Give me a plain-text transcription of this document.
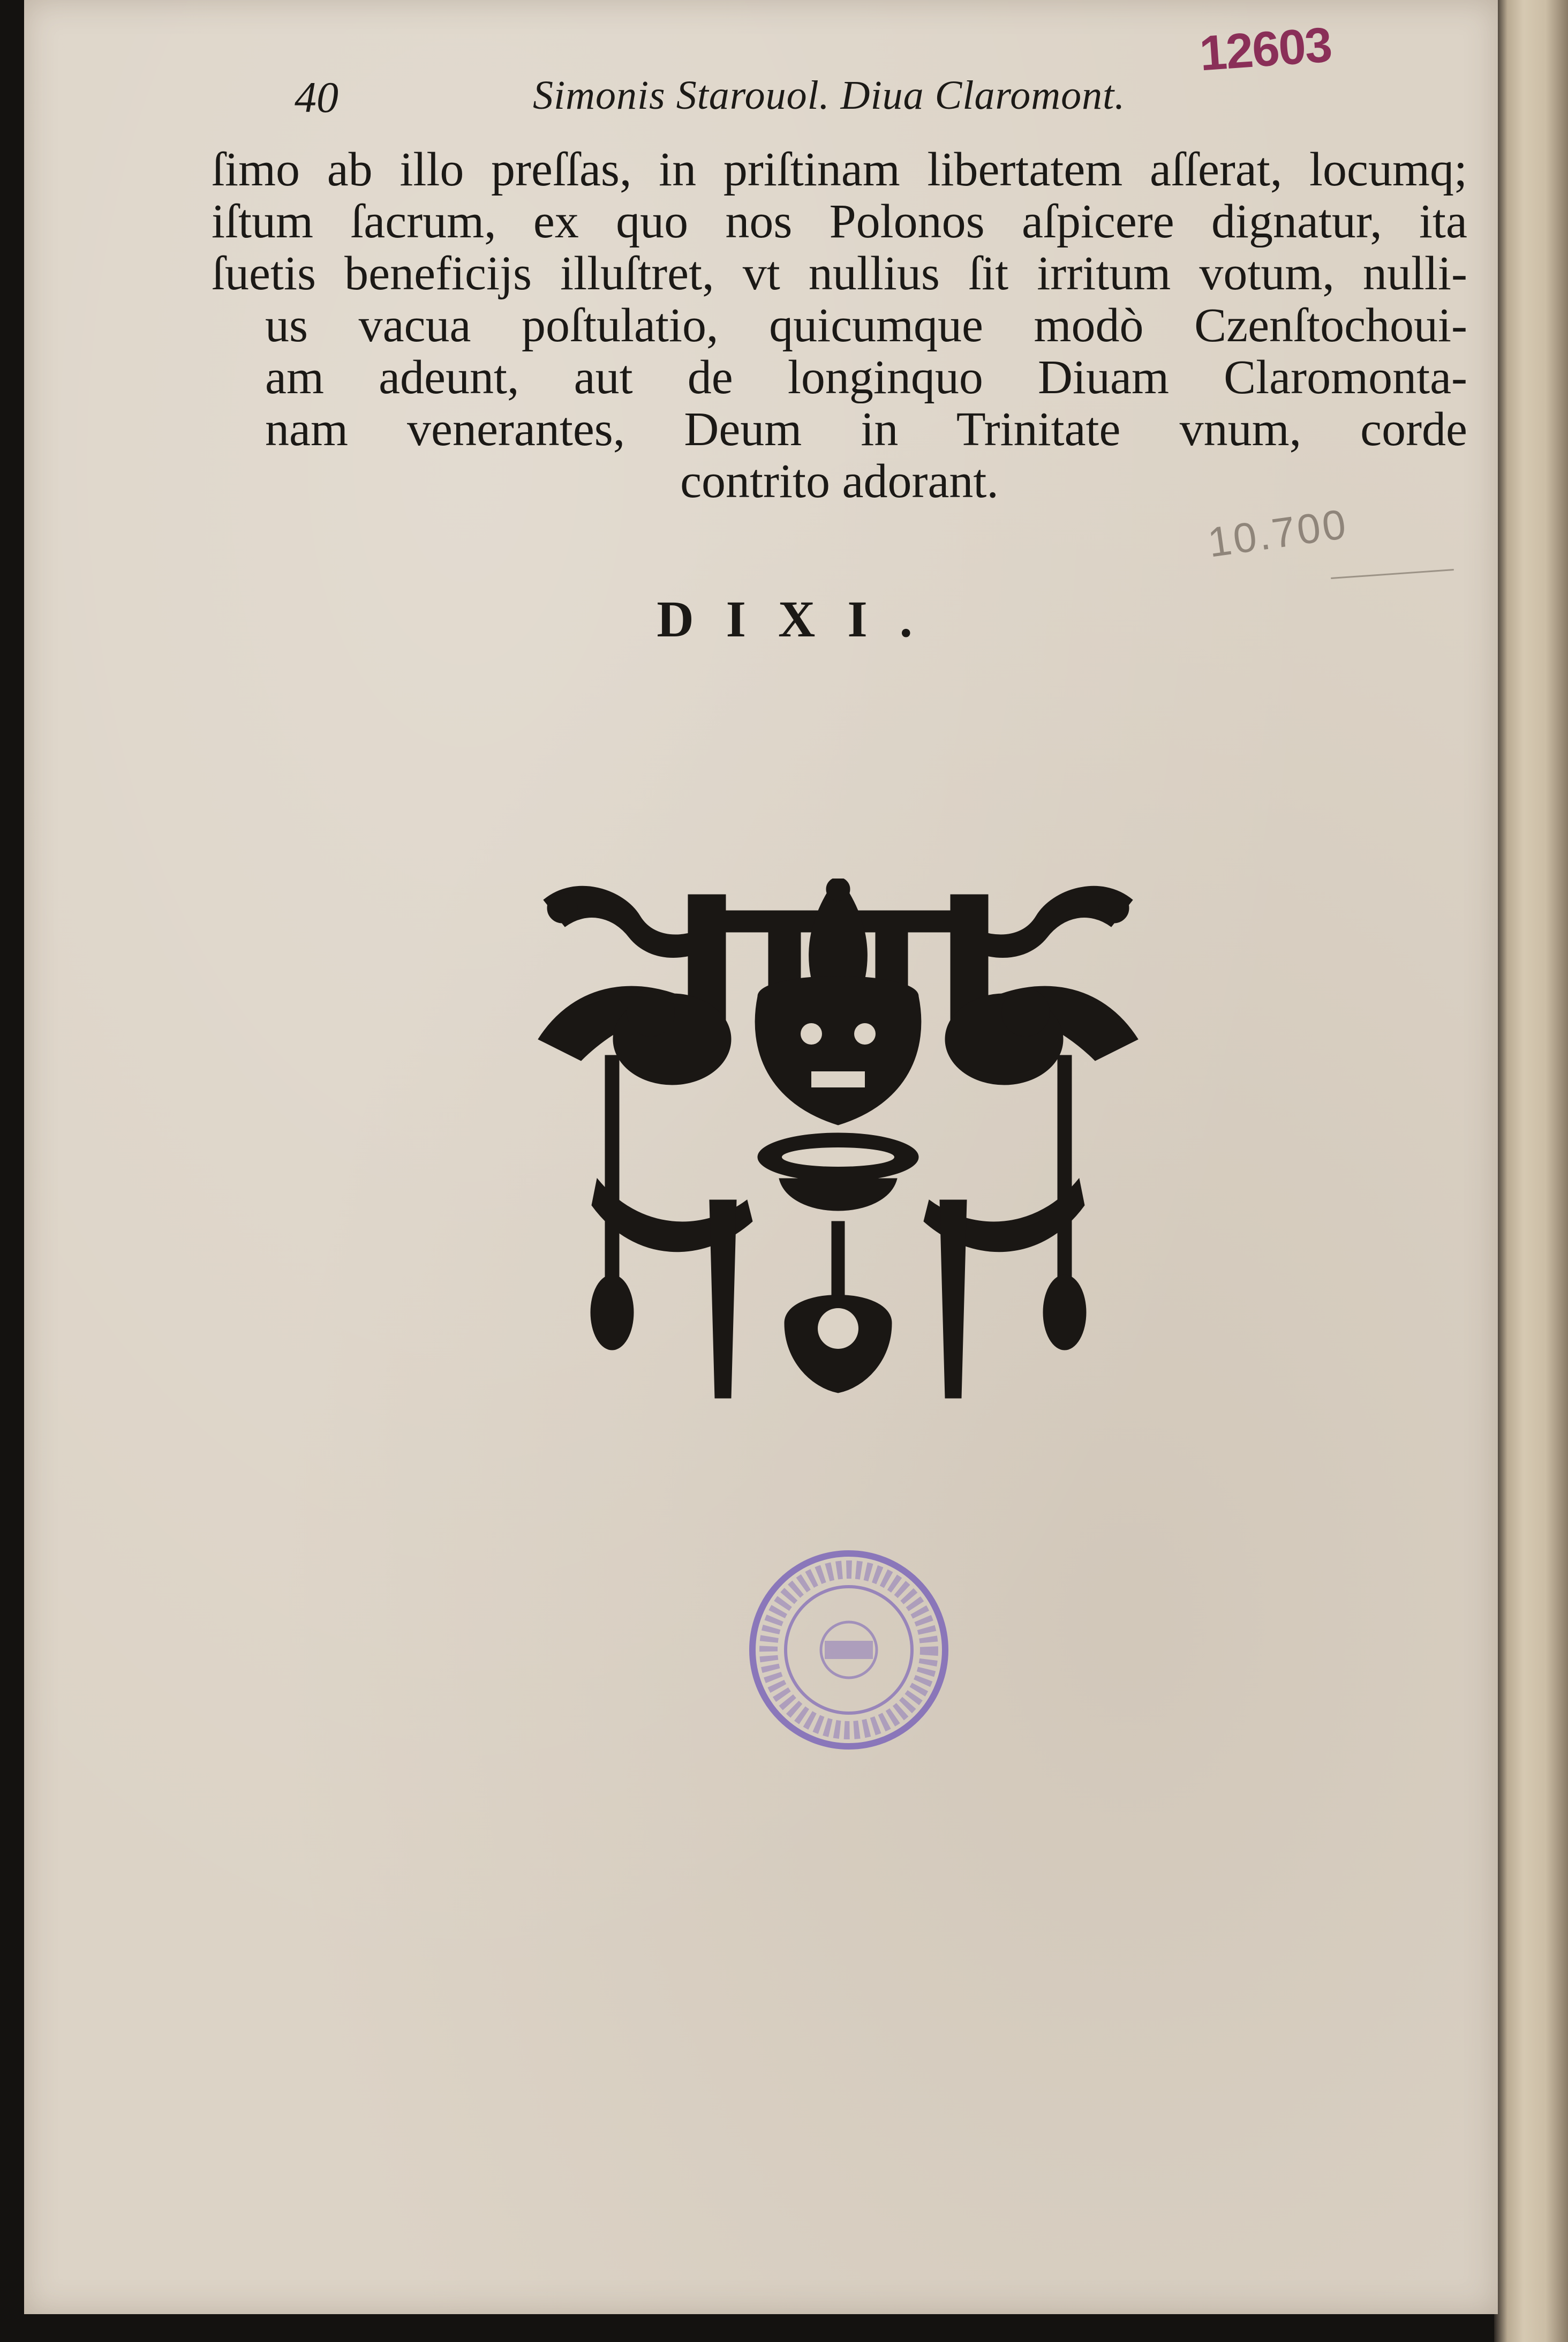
40	Simonis Starouol. Diua Claromont.
12603
10.700
ſimo ab illo preſſas, in priſtinam libertatem aſſerat, locumq;
iſtum ſacrum, ex quo nos Polonos aſpicere dignatur, ita
ſuetis beneficijs illuſtret, vt nullius ſit irritum votum, nulli-
us vacua poſtulatio, quicumque modò Czenſtochoui-
am adeunt, aut de longinquo Diuam Claromonta-
nam venerantes, Deum in Trinitate vnum, corde
contrito adorant.
DIXI.
